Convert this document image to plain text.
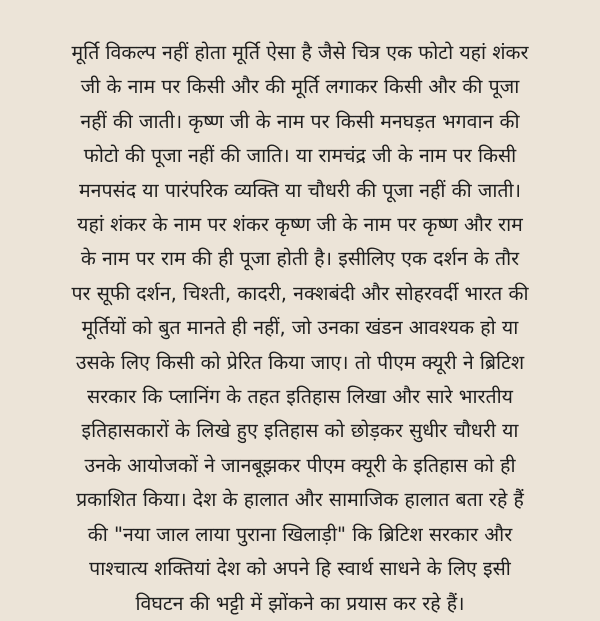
मूर्ति विकल्प नहीं होता मूर्ति ऐसा है जैसे चित्र एक फोटो यहां शंकर
जी के नाम पर किसी और की मूर्ति लगाकर किसी और की पूजा
नहीं की जाती। कृष्ण जी के नाम पर किसी मनघड़त भगवान की
फोटो की पूजा नहीं की जाति। या रामचंद्र जी के नाम पर किसी
मनपसंद या पारंपरिक व्यक्ति या चौधरी की पूजा नहीं की जाती।
यहां शंकर के नाम पर शंकर कृष्ण जी के नाम पर कृष्ण और राम
के नाम पर राम की ही पूजा होती है। इसीलिए एक दर्शन के तौर
पर सूफी दर्शन, चिश्ती, कादरी, नक्शबंदी और सोहरवर्दी भारत की
मूर्तियों को बुत मानते ही नहीं, जो उनका खंडन आवश्यक हो या
उसके लिए किसी को प्रेरित किया जाए। तो पीएम क्यूरी ने ब्रिटिश
सरकार कि प्लानिंग के तहत इतिहास लिखा और सारे भारतीय
इतिहासकारों के लिखे हुए इतिहास को छोड़कर सुधीर चौधरी या
उनके आयोजकों ने जानबूझकर पीएम क्यूरी के इतिहास को ही
प्रकाशित किया। देश के हालात और सामाजिक हालात बता रहे हैं
की "नया जाल लाया पुराना खिलाड़ी" कि ब्रिटिश सरकार और
पाश्चात्य शक्तियां देश को अपने हि स्वार्थ साधने के लिए इसी
विघटन की भट्टी में झोंकने का प्रयास कर रहे हैं।
